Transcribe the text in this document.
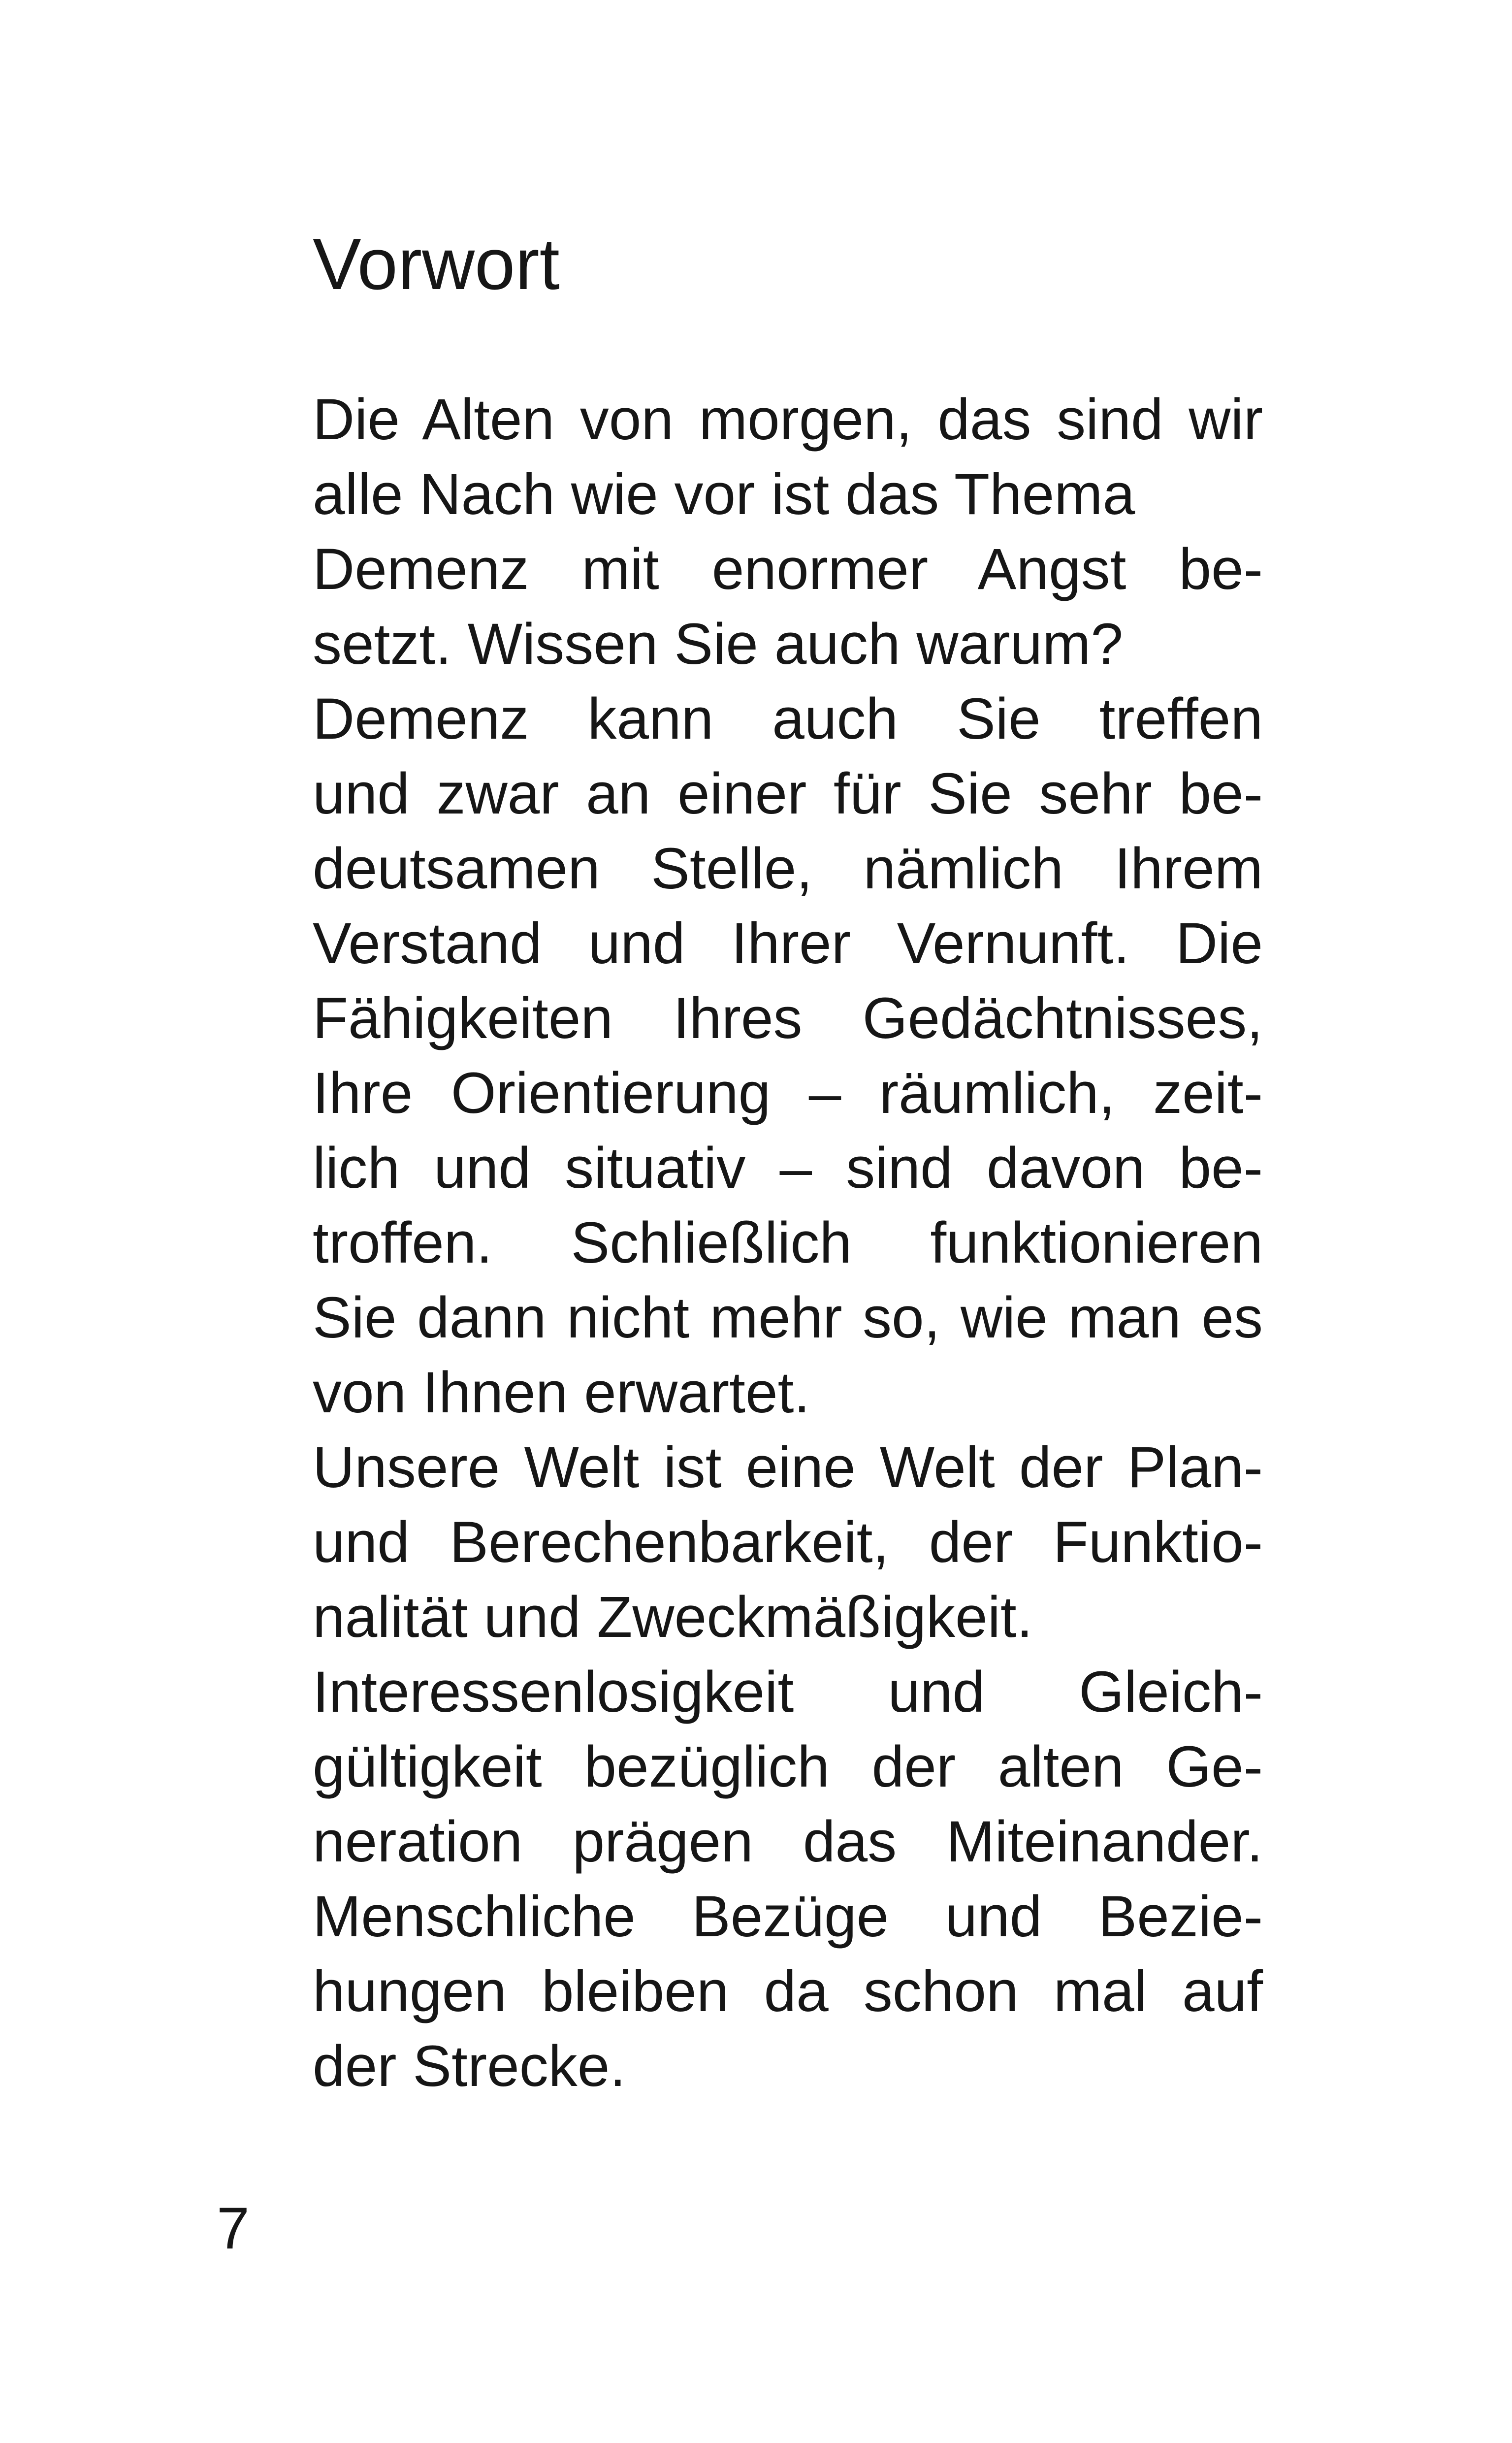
Vorwort
Die Alten von morgen, das sind wir
alle Nach wie vor ist das Thema
Demenz mit enormer Angst be-
setzt. Wissen Sie auch warum?
Demenz kann auch Sie treffen
und zwar an einer für Sie sehr be-
deutsamen Stelle, nämlich Ihrem
Verstand und Ihrer Vernunft. Die
Fähigkeiten Ihres Gedächtnisses,
Ihre Orientierung – räumlich, zeit-
lich und situativ – sind davon be-
troffen. Schließlich funktionieren
Sie dann nicht mehr so, wie man es
von Ihnen erwartet.
Unsere Welt ist eine Welt der Plan-
und Berechenbarkeit, der Funktio-
nalität und Zweckmäßigkeit.
Interessenlosigkeit und Gleich-
gültigkeit bezüglich der alten Ge-
neration prägen das Miteinander.
Menschliche Bezüge und Bezie-
hungen bleiben da schon mal auf
der Strecke.
7
